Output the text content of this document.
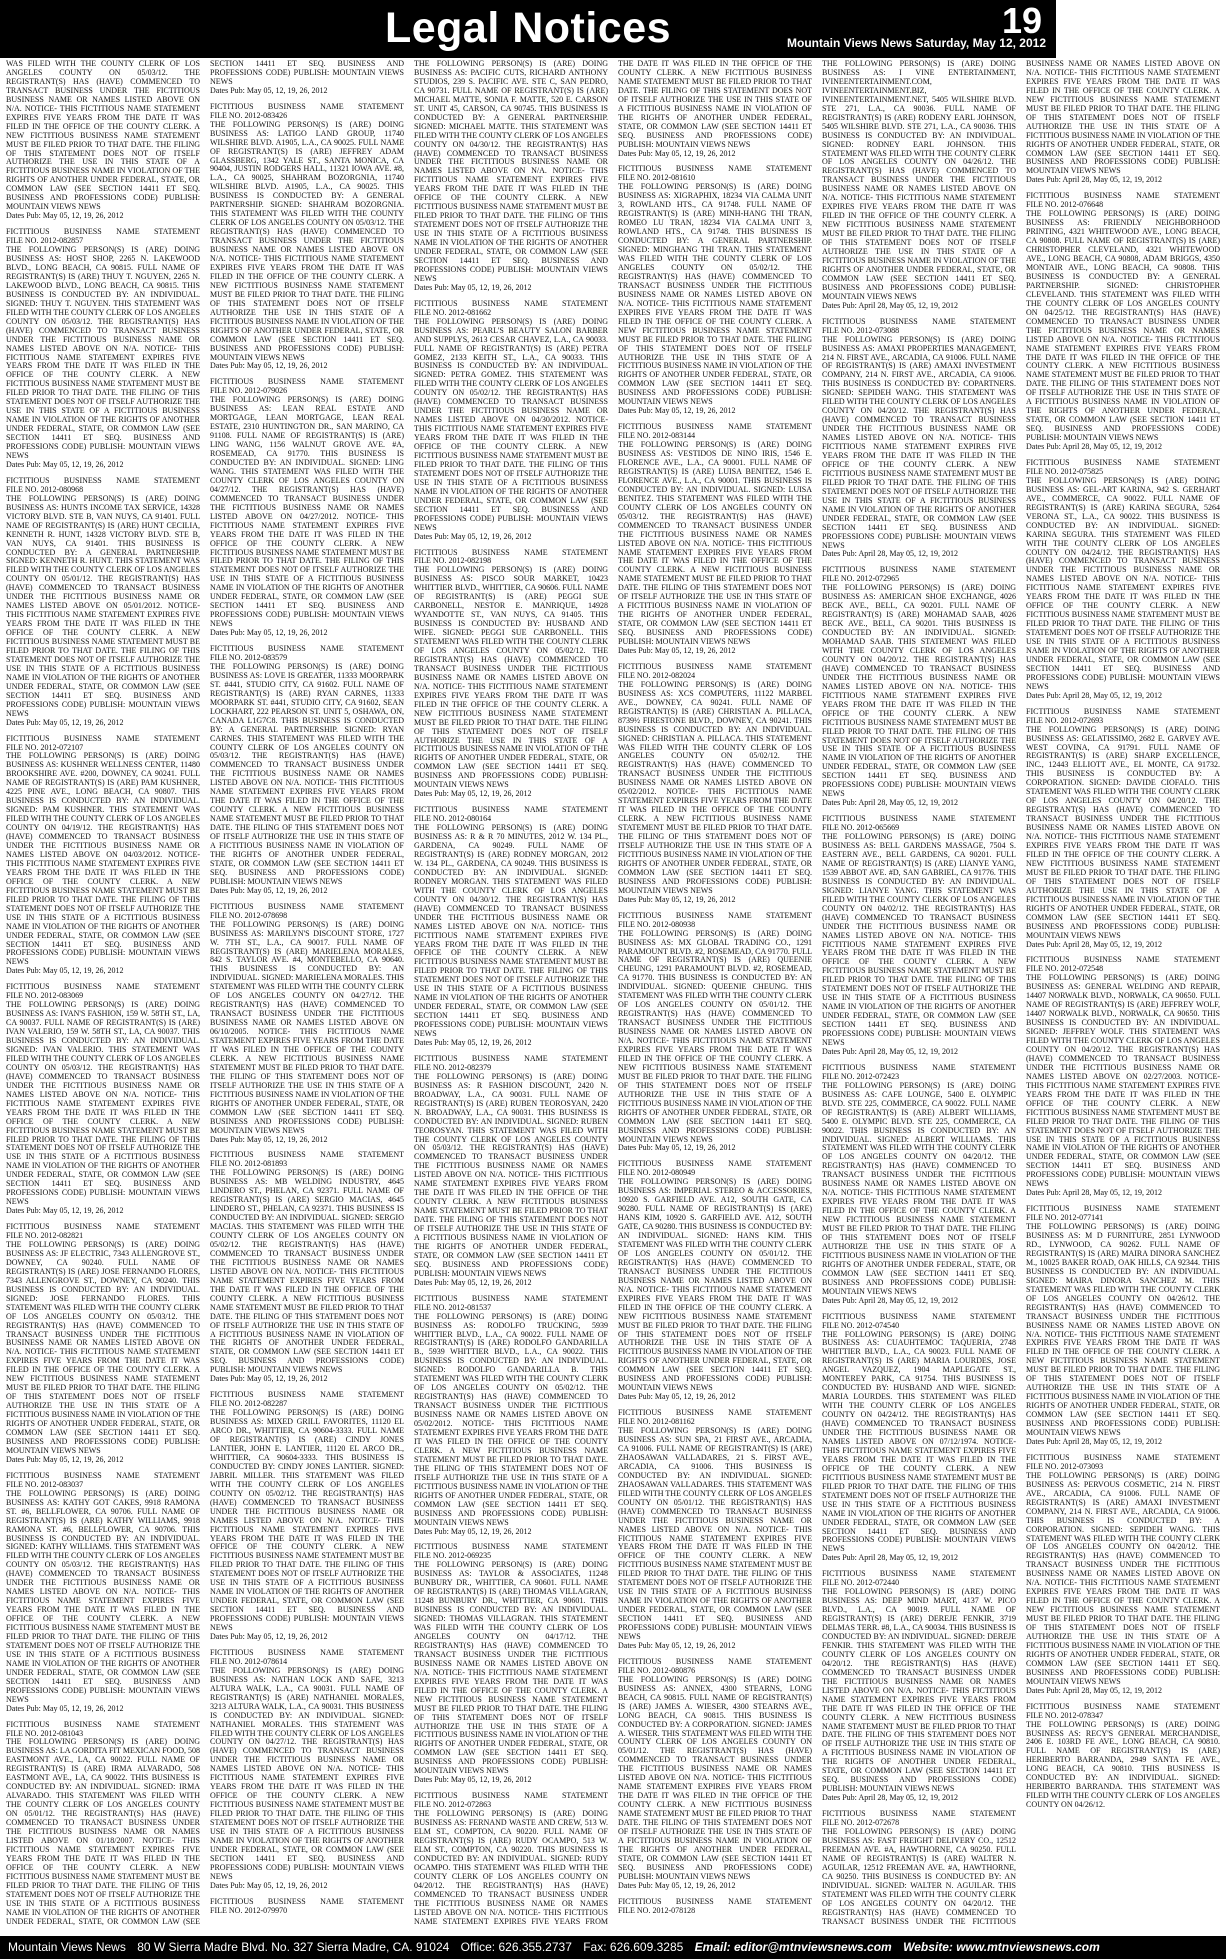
Legal Notices	19
Mountain Views News Saturday, May 12, 2012
WAS FILED WITH THE COUNTY CLERK OF LOS ANGELES COUNTY ON 05/03/12. THE REGISTRANT(S) HAS (HAVE) COMMENCED TO TRANSACT BUSINESS UNDER THE FICTITIOUS BUSINESS NAME OR NAMES LISTED ABOVE ON N/A. NOTICE- THIS FICTITIOUS NAME STATEMENT EXPIRES FIVE YEARS FROM THE DATE IT WAS FILED IN THE OFFICE OF THE COUNTY CLERK. A NEW FICTITIOUS BUSINESS NAME STATEMENT MUST BE FILED PRIOR TO THAT DATE. THE FILING OF THIS STATEMENT DOES NOT OF ITSELF AUTHORIZE THE USE IN THIS STATE OF A FICTITIOUS BUSINESS NAME IN VIOLATION OF THE RIGHTS OF ANOTHER UNDER FEDERAL, STATE, OR COMMON LAW (SEE SECTION 14411 ET SEQ. BUSINESS AND PROFESSIONS CODE) PUBLISH: MOUNTAIN VIEWS NEWS
Dates Pub: May 05, 12, 19, 26, 2012
FICTITIOUS BUSINESS NAME STATEMENT
FILE NO. 2012-082857
THE FOLLOWING PERSON(S) IS (ARE) DOING BUSINESS AS: HOST SHOP, 2265 N. LAKEWOOD BLVD., LONG BEACH, CA 90815. FULL NAME OF REGISTRANT(S) IS (ARE) THUY T. NGUYEN, 2265 N. LAKEWOOD BLVD., LONG BEACH, CA 90815. THIS BUSINESS IS CONDUCTED BY: AN INDIVIDUAL. SIGNED: THUY T. NGUYEN. THIS STATEMENT WAS FILED WITH THE COUNTY CLERK OF LOS ANGELES COUNTY ON 05/03/12. THE REGISTRANT(S) HAS (HAVE) COMMENCED TO TRANSACT BUSINESS UNDER THE FICTITIOUS BUSINESS NAME OR NAMES LISTED ABOVE ON N/A. NOTICE- THIS FICTITIOUS NAME STATEMENT EXPIRES FIVE YEARS FROM THE DATE IT WAS FILED IN THE OFFICE OF THE COUNTY CLERK. A NEW FICTITIOUS BUSINESS NAME STATEMENT MUST BE FILED PRIOR TO THAT DATE. THE FILING OF THIS STATEMENT DOES NOT OF ITSELF AUTHORIZE THE USE IN THIS STATE OF A FICTITIOUS BUSINESS NAME IN VIOLATION OF THE RIGHTS OF ANOTHER UNDER FEDERAL, STATE, OR COMMON LAW (SEE SECTION 14411 ET SEQ. BUSINESS AND PROFESSIONS CODE) PUBLISH: MOUNTAIN VIEWS NEWS
Dates Pub: May 05, 12, 19, 26, 2012
FICTITIOUS BUSINESS NAME STATEMENT
FILE NO. 2012-080968
THE FOLLOWING PERSON(S) IS (ARE) DOING BUSINESS AS: HUNTS INCOME TAX SERVICE, 14328 VICTORY BLVD. STE B, VAN NUYS, CA 91401. FULL NAME OF REGISTRANT(S) IS (ARE) HUNT CECILIA, KENNETH R. HUNT, 14328 VICTORY BLVD. STE B, VAN NUYS, CA 91401. THIS BUSINESS IS CONDUCTED BY: A GENERAL PARTNERSHIP. SIGNED: KENNETH R. HUNT. THIS STATEMENT WAS FILED WITH THE COUNTY CLERK OF LOS ANGELES COUNTY ON 05/01/12. THE REGISTRANT(S) HAS (HAVE) COMMENCED TO TRANSACT BUSINESS UNDER THE FICTITIOUS BUSINESS NAME OR NAMES LISTED ABOVE ON 05/01/2012. NOTICE- THIS FICTITIOUS NAME STATEMENT EXPIRES FIVE YEARS FROM THE DATE IT WAS FILED IN THE OFFICE OF THE COUNTY CLERK. A NEW FICTITIOUS BUSINESS NAME STATEMENT MUST BE FILED PRIOR TO THAT DATE. THE FILING OF THIS STATEMENT DOES NOT OF ITSELF AUTHORIZE THE USE IN THIS STATE OF A FICTITIOUS BUSINESS NAME IN VIOLATION OF THE RIGHTS OF ANOTHER UNDER FEDERAL, STATE, OR COMMON LAW (SEE SECTION 14411 ET SEQ. BUSINESS AND PROFESSIONS CODE) PUBLISH: MOUNTAIN VIEWS NEWS
Dates Pub: May 05, 12, 19, 26, 2012
FICTITIOUS BUSINESS NAME STATEMENT
FILE NO. 2012-072107
THE FOLLOWING PERSON(S) IS (ARE) DOING BUSINESS AS: KUSHNER WELLNESS CENTER, 11480 BROOKSHIRE AVE. #200, DOWNEY, CA 90241. FULL NAME OF REGISTRANT(S) IS (ARE) PAM KUSHNER, 4225 PINE AVE., LONG BEACH, CA 90807. THIS BUSINESS IS CONDUCTED BY: AN INDIVIDUAL. SIGNED: PAM KUSHNER. THIS STATEMENT WAS FILED WITH THE COUNTY CLERK OF LOS ANGELES COUNTY ON 04/19/12. THE REGISTRANT(S) HAS (HAVE) COMMENCED TO TRANSACT BUSINESS UNDER THE FICTITIOUS BUSINESS NAME OR NAMES LISTED ABOVE ON 04/03/2012. NOTICE- THIS FICTITIOUS NAME STATEMENT EXPIRES FIVE YEARS FROM THE DATE IT WAS FILED IN THE OFFICE OF THE COUNTY CLERK. A NEW FICTITIOUS BUSINESS NAME STATEMENT MUST BE FILED PRIOR TO THAT DATE. THE FILING OF THIS STATEMENT DOES NOT OF ITSELF AUTHORIZE THE USE IN THIS STATE OF A FICTITIOUS BUSINESS NAME IN VIOLATION OF THE RIGHTS OF ANOTHER UNDER FEDERAL, STATE, OR COMMON LAW (SEE SECTION 14411 ET SEQ. BUSINESS AND PROFESSIONS CODE) PUBLISH: MOUNTAIN VIEWS NEWS
Dates Pub: May 05, 12, 19, 26, 2012
FICTITIOUS BUSINESS NAME STATEMENT
FILE NO. 2012-083069
THE FOLLOWING PERSON(S) IS (ARE) DOING BUSINESS AS: IVAN'S FASHION, 159 W. 58TH ST., LA, CA 90037. FULL NAME OF REGISTRANT(S) IS (ARE) IVAN VALERIO, 159 W. 58TH ST., LA, CA 90037. THIS BUSINESS IS CONDUCTED BY: AN INDIVIDUAL. SIGNED: IVAN VALERIO. THIS STATEMENT WAS FILED WITH THE COUNTY CLERK OF LOS ANGELES COUNTY ON 05/03/12. THE REGISTRANT(S) HAS (HAVE) COMMENCED TO TRANSACT BUSINESS UNDER THE FICTITIOUS BUSINESS NAME OR NAMES LISTED ABOVE ON N/A. NOTICE- THIS FICTITIOUS NAME STATEMENT EXPIRES FIVE YEARS FROM THE DATE IT WAS FILED IN THE OFFICE OF THE COUNTY CLERK. A NEW FICTITIOUS BUSINESS NAME STATEMENT MUST BE FILED PRIOR TO THAT DATE. THE FILING OF THIS STATEMENT DOES NOT OF ITSELF AUTHORIZE THE USE IN THIS STATE OF A FICTITIOUS BUSINESS NAME IN VIOLATION OF THE RIGHTS OF ANOTHER UNDER FEDERAL, STATE, OR COMMON LAW (SEE SECTION 14411 ET SEQ. BUSINESS AND PROFESSIONS CODE) PUBLISH: MOUNTAIN VIEWS NEWS
Dates Pub: May 05, 12, 19, 26, 2012
FICTITIOUS BUSINESS NAME STATEMENT
FILE NO. 2012-082821
THE FOLLOWING PERSON(S) IS (ARE) DOING BUSINESS AS: JF ELECTRIC, 7343 ALLENGROVE ST., DOWNEY, CA 90240. FULL NAME OF REGISTRANT(S) IS (ARE) JOSE FERNANDO FLORES, 7343 ALLENGROVE ST., DOWNEY, CA 90240. THIS BUSINESS IS CONDUCTED BY: AN INDIVIDUAL. SIGNED: JOSE FERNANDO FLORES. THIS STATEMENT WAS FILED WITH THE COUNTY CLERK OF LOS ANGELES COUNTY ON 05/03/12. THE REGISTRANT(S) HAS (HAVE) COMMENCED TO TRANSACT BUSINESS UNDER THE FICTITIOUS BUSINESS NAME OR NAMES LISTED ABOVE ON N/A. NOTICE- THIS FICTITIOUS NAME STATEMENT EXPIRES FIVE YEARS FROM THE DATE IT WAS FILED IN THE OFFICE OF THE COUNTY CLERK. A NEW FICTITIOUS BUSINESS NAME STATEMENT MUST BE FILED PRIOR TO THAT DATE. THE FILING OF THIS STATEMENT DOES NOT OF ITSELF AUTHORIZE THE USE IN THIS STATE OF A FICTITIOUS BUSINESS NAME IN VIOLATION OF THE RIGHTS OF ANOTHER UNDER FEDERAL, STATE, OR COMMON LAW (SEE SECTION 14411 ET SEQ. BUSINESS AND PROFESSIONS CODE) PUBLISH: MOUNTAIN VIEWS NEWS
Dates Pub: May 05, 12, 19, 26, 2012
FICTITIOUS BUSINESS NAME STATEMENT
FILE NO. 2012-083037
THE FOLLOWING PERSON(S) IS (ARE) DOING BUSINESS AS: KATHY GOT CAKES, 9918 RAMONA ST. #6, BELLFLOWER, CA 90706. FULL NAME OF REGISTRANT(S) IS (ARE) KATHY WILLIAMS, 9918 RAMONA ST. #6, BELLFLOWER, CA 90706. THIS BUSINESS IS CONDUCTED BY: AN INDIVIDUAL. SIGNED: KATHY WILLIAMS. THIS STATEMENT WAS FILED WITH THE COUNTY CLERK OF LOS ANGELES COUNTY ON 05/03/12. THE REGISTRANT(S) HAS (HAVE) COMMENCED TO TRANSACT BUSINESS UNDER THE FICTITIOUS BUSINESS NAME OR NAMES LISTED ABOVE ON N/A. NOTICE- THIS FICTITIOUS NAME STATEMENT EXPIRES FIVE YEARS FROM THE DATE IT WAS FILED IN THE OFFICE OF THE COUNTY CLERK. A NEW FICTITIOUS BUSINESS NAME STATEMENT MUST BE FILED PRIOR TO THAT DATE. THE FILING OF THIS STATEMENT DOES NOT OF ITSELF AUTHORIZE THE USE IN THIS STATE OF A FICTITIOUS BUSINESS NAME IN VIOLATION OF THE RIGHTS OF ANOTHER UNDER FEDERAL, STATE, OR COMMON LAW (SEE SECTION 14411 ET SEQ. BUSINESS AND PROFESSIONS CODE) PUBLISH: MOUNTAIN VIEWS NEWS
Dates Pub: May 05, 12, 19, 26, 2012
FICTITIOUS BUSINESS NAME STATEMENT
FILE NO. 2012-081043
THE FOLLOWING PERSON(S) IS (ARE) DOING BUSINESS AS: LA GORDITA FIT MEXICAN FOOD, 508 EASTMONT AVE., LA, CA 90022. FULL NAME OF REGISTRANT(S) IS (ARE) IRMA ALVARADO, 508 EASTMONT AVE., LA, CA 90022. THIS BUSINESS IS CONDUCTED BY: AN INDIVIDUAL. SIGNED: IRMA ALVARADO. THIS STATEMENT WAS FILED WITH THE COUNTY CLERK OF LOS ANGELES COUNTY ON 05/01/12. THE REGISTRANT(S) HAS (HAVE) COMMENCED TO TRANSACT BUSINESS UNDER THE FICTITIOUS BUSINESS NAME OR NAMES LISTED ABOVE ON 01/18/2007. NOTICE- THIS FICTITIOUS NAME STATEMENT EXPIRES FIVE YEARS FROM THE DATE IT WAS FILED IN THE OFFICE OF THE COUNTY CLERK. A NEW FICTITIOUS BUSINESS NAME STATEMENT MUST BE FILED PRIOR TO THAT DATE. THE FILING OF THIS STATEMENT DOES NOT OF ITSELF AUTHORIZE THE USE IN THIS STATE OF A FICTITIOUS BUSINESS NAME IN VIOLATION OF THE RIGHTS OF ANOTHER UNDER FEDERAL, STATE, OR COMMON LAW (SEE SECTION 14411 ET SEQ. BUSINESS AND PROFESSIONS CODE) PUBLISH: MOUNTAIN VIEWS NEWS
Dates Pub: May 05, 12, 19, 26, 2012
FICTITIOUS BUSINESS NAME STATEMENT
FILE NO. 2012-083426
THE FOLLOWING PERSON(S) IS (ARE) DOING BUSINESS AS: LATIGO LAND GROUP, 11740 WILSHIRE BLVD. A1905, L.A., CA 90025. FULL NAME OF REGISTRANT(S) IS (ARE) JEFFREY ADAM GLASSBERG, 1342 YALE ST., SANTA MONICA, CA 90404, JUSTIN RODGERS HALL, 11321 IOWA AVE. #8, L.A., CA 90025, SHAHRAM BOZORGNIA, 11740 WILSHIRE BLVD. A1905, L.A., CA 90025. THIS BUSINESS IS CONDUCTED BY: A GENERAL PARTNERSHIP. SIGNED: SHAHRAM BOZORGNIA. THIS STATEMENT WAS FILED WITH THE COUNTY CLERK OF LOS ANGELES COUNTY ON 05/03/12. THE REGISTRANT(S) HAS (HAVE) COMMENCED TO TRANSACT BUSINESS UNDER THE FICTITIOUS BUSINESS NAME OR NAMES LISTED ABOVE ON N/A. NOTICE- THIS FICTITIOUS NAME STATEMENT EXPIRES FIVE YEARS FROM THE DATE IT WAS FILED IN THE OFFICE OF THE COUNTY CLERK. A NEW FICTITIOUS BUSINESS NAME STATEMENT MUST BE FILED PRIOR TO THAT DATE. THE FILING OF THIS STATEMENT DOES NOT OF ITSELF AUTHORIZE THE USE IN THIS STATE OF A FICTITIOUS BUSINESS NAME IN VIOLATION OF THE RIGHTS OF ANOTHER UNDER FEDERAL, STATE, OR COMMON LAW (SEE SECTION 14411 ET SEQ. BUSINESS AND PROFESSIONS CODE) PUBLISH: MOUNTAIN VIEWS NEWS
Dates Pub: May 05, 12, 19, 26, 2012
FICTITIOUS BUSINESS NAME STATEMENT
FILE NO. 2012-079026
THE FOLLOWING PERSON(S) IS (ARE) DOING BUSINESS AS: LEAN REAL ESTATE AND MORTGAGE, LEAN MORTGAGE, LEAN REAL ESTATE, 2310 HUNTINGTON DR., SAN MARINO, CA 91108. FULL NAME OF REGISTRANT(S) IS (ARE) LING WANG, 1156 WALNUT GROVE AVE. #A, ROSEMEAD, CA 91770. THIS BUSINESS IS CONDUCTED BY: AN INDIVIDUAL. SIGNED: LING WANG. THIS STATEMENT WAS FILED WITH THE COUNTY CLERK OF LOS ANGELES COUNTY ON 04/27/12. THE REGISTRANT(S) HAS (HAVE) COMMENCED TO TRANSACT BUSINESS UNDER THE FICTITIOUS BUSINESS NAME OR NAMES LISTED ABOVE ON 04/27/2012. NOTICE- THIS FICTITIOUS NAME STATEMENT EXPIRES FIVE YEARS FROM THE DATE IT WAS FILED IN THE OFFICE OF THE COUNTY CLERK. A NEW FICTITIOUS BUSINESS NAME STATEMENT MUST BE FILED PRIOR TO THAT DATE. THE FILING OF THIS STATEMENT DOES NOT OF ITSELF AUTHORIZE THE USE IN THIS STATE OF A FICTITIOUS BUSINESS NAME IN VIOLATION OF THE RIGHTS OF ANOTHER UNDER FEDERAL, STATE, OR COMMON LAW (SEE SECTION 14411 ET SEQ. BUSINESS AND PROFESSIONS CODE) PUBLISH: MOUNTAIN VIEWS NEWS
Dates Pub: May 05, 12, 19, 26, 2012
FICTITIOUS BUSINESS NAME STATEMENT
FILE NO. 2012-083579
THE FOLLOWING PERSON(S) IS (ARE) DOING BUSINESS AS: LOVE IS GREATER, 11333 MOORPARK ST. #441, STUDIO CITY, CA 91602. FULL NAME OF REGISTRANT(S) IS (ARE) RYAN CARNES, 11333 MOORPARK ST. #441, STUDIO CITY, CA 91602, SEAN LOCKHART, 222 PEARSON ST. UNIT 5, OSHAWA, ON, CANADA L1G7C8. THIS BUSINESS IS CONDUCTED BY: A GENERAL PARTNERSHIP. SIGNED: RYAN CARNES. THIS STATEMENT WAS FILED WITH THE COUNTY CLERK OF LOS ANGELES COUNTY ON 05/03/12. THE REGISTRANT(S) HAS (HAVE) COMMENCED TO TRANSACT BUSINESS UNDER THE FICTITIOUS BUSINESS NAME OR NAMES LISTED ABOVE ON N/A. NOTICE- THIS FICTITIOUS NAME STATEMENT EXPIRES FIVE YEARS FROM THE DATE IT WAS FILED IN THE OFFICE OF THE COUNTY CLERK. A NEW FICTITIOUS BUSINESS NAME STATEMENT MUST BE FILED PRIOR TO THAT DATE. THE FILING OF THIS STATEMENT DOES NOT OF ITSELF AUTHORIZE THE USE IN THIS STATE OF A FICTITIOUS BUSINESS NAME IN VIOLATION OF THE RIGHTS OF ANOTHER UNDER FEDERAL, STATE, OR COMMON LAW (SEE SECTION 14411 ET SEQ. BUSINESS AND PROFESSIONS CODE) PUBLISH: MOUNTAIN VIEWS NEWS
Dates Pub: May 05, 12, 19, 26, 2012
FICTITIOUS BUSINESS NAME STATEMENT
FILE NO. 2012-078698
THE FOLLOWING PERSON(S) IS (ARE) DOING BUSINESS AS: MARILYN'S DISCOUNT STORE, 1727 W. 7TH ST., L.A., CA 90017. FULL NAME OF REGISTRANT(S) IS (ARE) MARIELENA MORALES, 842 S. TAYLOR AVE. #4, MONTEBELLO, CA 90640. THIS BUSINESS IS CONDUCTED BY: AN INDIVIDUAL. SIGNED: MARIELENA MORALES. THIS STATEMENT WAS FILED WITH THE COUNTY CLERK OF LOS ANGELES COUNTY ON 04/27/12. THE REGISTRANT(S) HAS (HAVE) COMMENCED TO TRANSACT BUSINESS UNDER THE FICTITIOUS BUSINESS NAME OR NAMES LISTED ABOVE ON 06/10/2005. NOTICE- THIS FICTITIOUS NAME STATEMENT EXPIRES FIVE YEARS FROM THE DATE IT WAS FILED IN THE OFFICE OF THE COUNTY CLERK. A NEW FICTITIOUS BUSINESS NAME STATEMENT MUST BE FILED PRIOR TO THAT DATE. THE FILING OF THIS STATEMENT DOES NOT OF ITSELF AUTHORIZE THE USE IN THIS STATE OF A FICTITIOUS BUSINESS NAME IN VIOLATION OF THE RIGHTS OF ANOTHER UNDER FEDERAL, STATE, OR COMMON LAW (SEE SECTION 14411 ET SEQ. BUSINESS AND PROFESSIONS CODE) PUBLISH: MOUNTAIN VIEWS NEWS
Dates Pub: May 05, 12, 19, 26, 2012
FICTITIOUS BUSINESS NAME STATEMENT
FILE NO. 2012-081893
THE FOLLOWING PERSON(S) IS (ARE) DOING BUSINESS AS: MB WELDING INDUSTRY, 4645 LINDERO ST., PHELAN, CA 92371. FULL NAME OF REGISTRANT(S) IS (ARE) SERGIO MACIAS, 4645 LINDERO ST., PHELAN, CA 92371. THIS BUSINESS IS CONDUCTED BY: AN INDIVIDUAL. SIGNED: SERGIO MACIAS. THIS STATEMENT WAS FILED WITH THE COUNTY CLERK OF LOS ANGELES COUNTY ON 05/02/12. THE REGISTRANT(S) HAS (HAVE) COMMENCED TO TRANSACT BUSINESS UNDER THE FICTITIOUS BUSINESS NAME OR NAMES LISTED ABOVE ON N/A. NOTICE- THIS FICTITIOUS NAME STATEMENT EXPIRES FIVE YEARS FROM THE DATE IT WAS FILED IN THE OFFICE OF THE COUNTY CLERK. A NEW FICTITIOUS BUSINESS NAME STATEMENT MUST BE FILED PRIOR TO THAT DATE. THE FILING OF THIS STATEMENT DOES NOT OF ITSELF AUTHORIZE THE USE IN THIS STATE OF A FICTITIOUS BUSINESS NAME IN VIOLATION OF THE RIGHTS OF ANOTHER UNDER FEDERAL, STATE, OR COMMON LAW (SEE SECTION 14411 ET SEQ. BUSINESS AND PROFESSIONS CODE) PUBLISH: MOUNTAIN VIEWS NEWS
Dates Pub: May 05, 12, 19, 26, 2012
FICTITIOUS BUSINESS NAME STATEMENT
FILE NO. 2012-082287
THE FOLLOWING PERSON(S) IS (ARE) DOING BUSINESS AS: MIXED GRILL FAVORITES, 11120 EL ARCO DR., WHITTIER, CA 90604-3333. FULL NAME OF REGISTRANT(S) IS (ARE) CINDY JONES LANTIER, JOHN E. LANTIER, 11120 EL ARCO DR., WHITTIER, CA 90604-3333. THIS BUSINESS IS CONDUCTED BY: CINDY JONES LANTIER. SIGNED: JABRIL MILLER. THIS STATEMENT WAS FILED WITH THE COUNTY CLERK OF LOS ANGELES COUNTY ON 05/02/12. THE REGISTRANT(S) HAS (HAVE) COMMENCED TO TRANSACT BUSINESS UNDER THE FICTITIOUS BUSINESS NAME OR NAMES LISTED ABOVE ON N/A. NOTICE- THIS FICTITIOUS NAME STATEMENT EXPIRES FIVE YEARS FROM THE DATE IT WAS FILED IN THE OFFICE OF THE COUNTY CLERK. A NEW FICTITIOUS BUSINESS NAME STATEMENT MUST BE FILED PRIOR TO THAT DATE. THE FILING OF THIS STATEMENT DOES NOT OF ITSELF AUTHORIZE THE USE IN THIS STATE OF A FICTITIOUS BUSINESS NAME IN VIOLATION OF THE RIGHTS OF ANOTHER UNDER FEDERAL, STATE, OR COMMON LAW (SEE SECTION 14411 ET SEQ. BUSINESS AND PROFESSIONS CODE) PUBLISH: MOUNTAIN VIEWS NEWS
Dates Pub: May 05, 12, 19, 26, 2012
FICTITIOUS BUSINESS NAME STATEMENT
FILE NO. 2012-078614
THE FOLLOWING PERSON(S) IS (ARE) DOING BUSINESS AS: NATHAN LOCK AND SAFE, 3213 ALTURA WALK, L.A., CA 90031. FULL NAME OF REGISTRANT(S) IS (ARE) NATHANIEL MORALES, 3213 ALTURA WALK, L.A., CA 90031. THIS BUSINESS IS CONDUCTED BY: AN INDIVIDUAL. SIGNED: NATHANIEL MORALES. THIS STATEMENT WAS FILED WITH THE COUNTY CLERK OF LOS ANGELES COUNTY ON 04/27/12. THE REGISTRANT(S) HAS (HAVE) COMMENCED TO TRANSACT BUSINESS UNDER THE FICTITIOUS BUSINESS NAME OR NAMES LISTED ABOVE ON N/A. NOTICE- THIS FICTITIOUS NAME STATEMENT EXPIRES FIVE YEARS FROM THE DATE IT WAS FILED IN THE OFFICE OF THE COUNTY CLERK. A NEW FICTITIOUS BUSINESS NAME STATEMENT MUST BE FILED PRIOR TO THAT DATE. THE FILING OF THIS STATEMENT DOES NOT OF ITSELF AUTHORIZE THE USE IN THIS STATE OF A FICTITIOUS BUSINESS NAME IN VIOLATION OF THE RIGHTS OF ANOTHER UNDER FEDERAL, STATE, OR COMMON LAW (SEE SECTION 14411 ET SEQ. BUSINESS AND PROFESSIONS CODE) PUBLISH: MOUNTAIN VIEWS NEWS
Dates Pub: May 05, 12, 19, 26, 2012
FICTITIOUS BUSINESS NAME STATEMENT
FILE NO. 2012-079970
THE FOLLOWING PERSON(S) IS (ARE) DOING BUSINESS AS: PACIFIC CUTS, RICHARD ANTHONY STUDIOS, 239 S. PACIFIC AVE. STE C, SAN PEDRO, CA 90731. FULL NAME OF REGISTRANT(S) IS (ARE) MICHAEL MATTE, SONIA F. MATTE, 520 E. CARSON ST. UNIT 45, CARSON, CA 90745. THIS BUSINESS IS CONDUCTED BY: A GENERAL PARTNERSHIP. SIGNED: MICHAEL MATTE. THIS STATEMENT WAS FILED WITH THE COUNTY CLERK OF LOS ANGELES COUNTY ON 04/30/12. THE REGISTRANT(S) HAS (HAVE) COMMENCED TO TRANSACT BUSINESS UNDER THE FICTITIOUS BUSINESS NAME OR NAMES LISTED ABOVE ON N/A. NOTICE- THIS FICTITIOUS NAME STATEMENT EXPIRES FIVE YEARS FROM THE DATE IT WAS FILED IN THE OFFICE OF THE COUNTY CLERK. A NEW FICTITIOUS BUSINESS NAME STATEMENT MUST BE FILED PRIOR TO THAT DATE. THE FILING OF THIS STATEMENT DOES NOT OF ITSELF AUTHORIZE THE USE IN THIS STATE OF A FICTITIOUS BUSINESS NAME IN VIOLATION OF THE RIGHTS OF ANOTHER UNDER FEDERAL, STATE, OR COMMON LAW (SEE SECTION 14411 ET SEQ. BUSINESS AND PROFESSIONS CODE) PUBLISH: MOUNTAIN VIEWS NEWS
Dates Pub: May 05, 12, 19, 26, 2012
FICTITIOUS BUSINESS NAME STATEMENT
FILE NO. 2012-081662
THE FOLLOWING PERSON(S) IS (ARE) DOING BUSINESS AS: PEARL'S BEAUTY SALON BARBER AND SUPPLYS, 2613 CESAR CHAVEZ, L.A., CA 90033. FULL NAME OF REGISTRANT(S) IS (ARE) PETRA GOMEZ, 2133 KEITH ST., L.A., CA 90033. THIS BUSINESS IS CONDUCTED BY: AN INDIVIDUAL. SIGNED: PETRA GOMEZ. THIS STATEMENT WAS FILED WITH THE COUNTY CLERK OF LOS ANGELES COUNTY ON 05/02/12. THE REGISTRANT(S) HAS (HAVE) COMMENCED TO TRANSACT BUSINESS UNDER THE FICTITIOUS BUSINESS NAME OR NAMES LISTED ABOVE ON 04/30/2012. NOTICE- THIS FICTITIOUS NAME STATEMENT EXPIRES FIVE YEARS FROM THE DATE IT WAS FILED IN THE OFFICE OF THE COUNTY CLERK. A NEW FICTITIOUS BUSINESS NAME STATEMENT MUST BE FILED PRIOR TO THAT DATE. THE FILING OF THIS STATEMENT DOES NOT OF ITSELF AUTHORIZE THE USE IN THIS STATE OF A FICTITIOUS BUSINESS NAME IN VIOLATION OF THE RIGHTS OF ANOTHER UNDER FEDERAL, STATE, OR COMMON LAW (SEE SECTION 14411 ET SEQ. BUSINESS AND PROFESSIONS CODE) PUBLISH: MOUNTAIN VIEWS NEWS
Dates Pub: May 05, 12, 19, 26, 2012
FICTITIOUS BUSINESS NAME STATEMENT
FILE NO. 2012-082198
THE FOLLOWING PERSON(S) IS (ARE) DOING BUSINESS AS: PISCO SOUR MARKET, 10423 WHITTIER BLVD., WHITTIER, CA 90606. FULL NAME OF REGISTRANT(S) IS (ARE) PEGGI SUE CARBONELL, NESTOR E. MANRIQUE, 14928 WYANDOTTE ST., VAN NUYS, CA 91405. THIS BUSINESS IS CONDUCTED BY: HUSBAND AND WIFE. SIGNED: PEGGI SUE CARBONELL. THIS STATEMENT WAS FILED WITH THE COUNTY CLERK OF LOS ANGELES COUNTY ON 05/02/12. THE REGISTRANT(S) HAS (HAVE) COMMENCED TO TRANSACT BUSINESS UNDER THE FICTITIOUS BUSINESS NAME OR NAMES LISTED ABOVE ON N/A. NOTICE- THIS FICTITIOUS NAME STATEMENT EXPIRES FIVE YEARS FROM THE DATE IT WAS FILED IN THE OFFICE OF THE COUNTY CLERK. A NEW FICTITIOUS BUSINESS NAME STATEMENT MUST BE FILED PRIOR TO THAT DATE. THE FILING OF THIS STATEMENT DOES NOT OF ITSELF AUTHORIZE THE USE IN THIS STATE OF A FICTITIOUS BUSINESS NAME IN VIOLATION OF THE RIGHTS OF ANOTHER UNDER FEDERAL, STATE, OR COMMON LAW (SEE SECTION 14411 ET SEQ. BUSINESS AND PROFESSIONS CODE) PUBLISH: MOUNTAIN VIEWS NEWS
Dates Pub: May 05, 12, 19, 26, 2012
FICTITIOUS BUSINESS NAME STATEMENT
FILE NO. 2012-080164
THE FOLLOWING PERSON(S) IS (ARE) DOING BUSINESS AS: R & R 70 MINUTES, 2012 W. 134 PL., GARDENA, CA 90249. FULL NAME OF REGISTRANT(S) IS (ARE) RODNEY MORGAN, 2012 W. 134 PL., GARDENA, CA 90249. THIS BUSINESS IS CONDUCTED BY: AN INDIVIDUAL. SIGNED: RODNEY MORGAN. THIS STATEMENT WAS FILED WITH THE COUNTY CLERK OF LOS ANGELES COUNTY ON 04/30/12. THE REGISTRANT(S) HAS (HAVE) COMMENCED TO TRANSACT BUSINESS UNDER THE FICTITIOUS BUSINESS NAME OR NAMES LISTED ABOVE ON N/A. NOTICE- THIS FICTITIOUS NAME STATEMENT EXPIRES FIVE YEARS FROM THE DATE IT WAS FILED IN THE OFFICE OF THE COUNTY CLERK. A NEW FICTITIOUS BUSINESS NAME STATEMENT MUST BE FILED PRIOR TO THAT DATE. THE FILING OF THIS STATEMENT DOES NOT OF ITSELF AUTHORIZE THE USE IN THIS STATE OF A FICTITIOUS BUSINESS NAME IN VIOLATION OF THE RIGHTS OF ANOTHER UNDER FEDERAL, STATE, OR COMMON LAW (SEE SECTION 14411 ET SEQ. BUSINESS AND PROFESSIONS CODE) PUBLISH: MOUNTAIN VIEWS NEWS
Dates Pub: May 05, 12, 19, 26, 2012
FICTITIOUS BUSINESS NAME STATEMENT
FILE NO. 2012-082379
THE FOLLOWING PERSON(S) IS (ARE) DOING BUSINESS AS: R FASHION DISCOUNT, 2420 N. BROADWAY, L.A., CA 90031. FULL NAME OF REGISTRANT(S) IS (ARE) RUBEN TEOROSYAN, 2420 N. BROADWAY, L.A., CA 90031. THIS BUSINESS IS CONDUCTED BY: AN INDIVIDUAL. SIGNED: RUBEN TEOROSYAN. THIS STATEMENT WAS FILED WITH THE COUNTY CLERK OF LOS ANGELES COUNTY ON 05/03/12. THE REGISTRANT(S) HAS (HAVE) COMMENCED TO TRANSACT BUSINESS UNDER THE FICTITIOUS BUSINESS NAME OR NAMES LISTED ABOVE ON N/A. NOTICE- THIS FICTITIOUS NAME STATEMENT EXPIRES FIVE YEARS FROM THE DATE IT WAS FILED IN THE OFFICE OF THE COUNTY CLERK. A NEW FICTITIOUS BUSINESS NAME STATEMENT MUST BE FILED PRIOR TO THAT DATE. THE FILING OF THIS STATEMENT DOES NOT OF ITSELF AUTHORIZE THE USE IN THIS STATE OF A FICTITIOUS BUSINESS NAME IN VIOLATION OF THE RIGHTS OF ANOTHER UNDER FEDERAL, STATE, OR COMMON LAW (SEE SECTION 14411 ET SEQ. BUSINESS AND PROFESSIONS CODE) PUBLISH: MOUNTAIN VIEWS NEWS
Dates Pub: May 05, 12, 19, 26, 2012
FICTITIOUS BUSINESS NAME STATEMENT
FILE NO. 2012-081537
THE FOLLOWING PERSON(S) IS (ARE) DOING BUSINESS AS: RODOLFO TRUCKING, 5939 WHITTIER BLVD., L.A., CA 90022. FULL NAME OF REGISTRANT(S) IS (ARE) RODOLFO GANDARILLA B., 5939 WHITTIER BLVD., L.A., CA 90022. THIS BUSINESS IS CONDUCTED BY: AN INDIVIDUAL. SIGNED: RODOLFO GANDARILLA B. THIS STATEMENT WAS FILED WITH THE COUNTY CLERK OF LOS ANGELES COUNTY ON 05/02/12. THE REGISTRANT(S) HAS (HAVE) COMMENCED TO TRANSACT BUSINESS UNDER THE FICTITIOUS BUSINESS NAME OR NAMES LISTED ABOVE ON 05/02/2012. NOTICE- THIS FICTITIOUS NAME STATEMENT EXPIRES FIVE YEARS FROM THE DATE IT WAS FILED IN THE OFFICE OF THE COUNTY CLERK. A NEW FICTITIOUS BUSINESS NAME STATEMENT MUST BE FILED PRIOR TO THAT DATE. THE FILING OF THIS STATEMENT DOES NOT OF ITSELF AUTHORIZE THE USE IN THIS STATE OF A FICTITIOUS BUSINESS NAME IN VIOLATION OF THE RIGHTS OF ANOTHER UNDER FEDERAL, STATE, OR COMMON LAW (SEE SECTION 14411 ET SEQ. BUSINESS AND PROFESSIONS CODE) PUBLISH: MOUNTAIN VIEWS NEWS
Dates Pub: May 05, 12, 19, 26, 2012
FICTITIOUS BUSINESS NAME STATEMENT
FILE NO. 2012-069235
THE FOLLOWING PERSON(S) IS (ARE) DOING BUSINESS AS: TAYLOR & ASSOCIATES, 11248 BUNBURY DR., WHITTIER, CA 90601. FULL NAME OF REGISTRANT(S) IS (ARE) THOMAS VILLAGRAN, 11248 BUNBURY DR., WHITTIER, CA 90601. THIS BUSINESS IS CONDUCTED BY: AN INDIVIDUAL. SIGNED: THOMAS VILLAGRAN. THIS STATEMENT WAS FILED WITH THE COUNTY CLERK OF LOS ANGELES COUNTY ON 04/17/12. THE REGISTRANT(S) HAS (HAVE) COMMENCED TO TRANSACT BUSINESS UNDER THE FICTITIOUS BUSINESS NAME OR NAMES LISTED ABOVE ON N/A. NOTICE- THIS FICTITIOUS NAME STATEMENT EXPIRES FIVE YEARS FROM THE DATE IT WAS FILED IN THE OFFICE OF THE COUNTY CLERK. A NEW FICTITIOUS BUSINESS NAME STATEMENT MUST BE FILED PRIOR TO THAT DATE. THE FILING OF THIS STATEMENT DOES NOT OF ITSELF AUTHORIZE THE USE IN THIS STATE OF A FICTITIOUS BUSINESS NAME IN VIOLATION OF THE RIGHTS OF ANOTHER UNDER FEDERAL, STATE, OR COMMON LAW (SEE SECTION 14411 ET SEQ. BUSINESS AND PROFESSIONS CODE) PUBLISH: MOUNTAIN VIEWS NEWS
Dates Pub: May 05, 12, 19, 26, 2012
FICTITIOUS BUSINESS NAME STATEMENT
FILE NO. 2012-072863
THE FOLLOWING PERSON(S) IS (ARE) DOING BUSINESS AS: FERNAND WASTE AND CREW, 513 W. ELM ST., COMPTON, CA 90220. FULL NAME OF REGISTRANT(S) IS (ARE) RUDY OCAMPO, 513 W. ELM ST., COMPTON, CA 90220. THIS BUSINESS IS CONDUCTED BY: AN INDIVIDUAL. SIGNED: RUDY OCAMPO. THIS STATEMENT WAS FILED WITH THE COUNTY CLERK OF LOS ANGELES COUNTY ON 04/20/12. THE REGISTRANT(S) HAS (HAVE) COMMENCED TO TRANSACT BUSINESS UNDER THE FICTITIOUS BUSINESS NAME OR NAMES LISTED ABOVE ON N/A. NOTICE- THIS FICTITIOUS NAME STATEMENT EXPIRES FIVE YEARS FROM THE DATE IT WAS FILED IN THE OFFICE OF THE COUNTY CLERK. A NEW FICTITIOUS BUSINESS NAME STATEMENT MUST BE FILED PRIOR TO THAT DATE. THE FILING OF THIS STATEMENT DOES NOT OF ITSELF AUTHORIZE THE USE IN THIS STATE OF A FICTITIOUS BUSINESS NAME IN VIOLATION OF THE RIGHTS OF ANOTHER UNDER FEDERAL, STATE, OR COMMON LAW (SEE SECTION 14411 ET SEQ. BUSINESS AND PROFESSIONS CODE) PUBLISH: MOUNTAIN VIEWS NEWS
Dates Pub: May 05, 12, 19, 26, 2012
FICTITIOUS BUSINESS NAME STATEMENT
FILE NO. 2012-081610
THE FOLLOWING PERSON(S) IS (ARE) DOING BUSINESS AS: XIGRAPHIX, 18234 VIA CALMA UNIT 3, ROWLAND HTS., CA 91748. FULL NAME OF REGISTRANT(S) IS (ARE) MINH-HANG THI TRAN, ROMEO LU TRAN, 18234 VIA CALMA UNIT 3, ROWLAND HTS., CA 91748. THIS BUSINESS IS CONDUCTED BY: A GENERAL PARTNERSHIP. SIGNED: MINGHANG THI TRAN. THIS STATEMENT WAS FILED WITH THE COUNTY CLERK OF LOS ANGELES COUNTY ON 05/02/12. THE REGISTRANT(S) HAS (HAVE) COMMENCED TO TRANSACT BUSINESS UNDER THE FICTITIOUS BUSINESS NAME OR NAMES LISTED ABOVE ON N/A. NOTICE- THIS FICTITIOUS NAME STATEMENT EXPIRES FIVE YEARS FROM THE DATE IT WAS FILED IN THE OFFICE OF THE COUNTY CLERK. A NEW FICTITIOUS BUSINESS NAME STATEMENT MUST BE FILED PRIOR TO THAT DATE. THE FILING OF THIS STATEMENT DOES NOT OF ITSELF AUTHORIZE THE USE IN THIS STATE OF A FICTITIOUS BUSINESS NAME IN VIOLATION OF THE RIGHTS OF ANOTHER UNDER FEDERAL, STATE, OR COMMON LAW (SEE SECTION 14411 ET SEQ. BUSINESS AND PROFESSIONS CODE) PUBLISH: MOUNTAIN VIEWS NEWS
Dates Pub: May 05, 12, 19, 26, 2012
FICTITIOUS BUSINESS NAME STATEMENT
FILE NO. 2012-083144
THE FOLLOWING PERSON(S) IS (ARE) DOING BUSINESS AS: VESTIDOS DE NINO IRIS, 1546 E. FLORENCE AVE., L.A., CA 90001. FULL NAME OF REGISTRANT(S) IS (ARE) LUISA BENITEZ, 1546 E. FLORENCE AVE., L.A., CA 90001. THIS BUSINESS IS CONDUCTED BY: AN INDIVIDUAL. SIGNED: LUISA BENITEZ. THIS STATEMENT WAS FILED WITH THE COUNTY CLERK OF LOS ANGELES COUNTY ON 05/03/12. THE REGISTRANT(S) HAS (HAVE) COMMENCED TO TRANSACT BUSINESS UNDER THE FICTITIOUS BUSINESS NAME OR NAMES LISTED ABOVE ON N/A. NOTICE- THIS FICTITIOUS NAME STATEMENT EXPIRES FIVE YEARS FROM THE DATE IT WAS FILED IN THE OFFICE OF THE COUNTY CLERK. A NEW FICTITIOUS BUSINESS NAME STATEMENT MUST BE FILED PRIOR TO THAT DATE. THE FILING OF THIS STATEMENT DOES NOT OF ITSELF AUTHORIZE THE USE IN THIS STATE OF A FICTITIOUS BUSINESS NAME IN VIOLATION OF THE RIGHTS OF ANOTHER UNDER FEDERAL, STATE, OR COMMON LAW (SEE SECTION 14411 ET SEQ. BUSINESS AND PROFESSIONS CODE) PUBLISH: MOUNTAIN VIEWS NEWS
Dates Pub: May 05, 12, 19, 26, 2012
FICTITIOUS BUSINESS NAME STATEMENT
FILE NO. 2012-082024
THE FOLLOWING PERSON(S) IS (ARE) DOING BUSINESS AS: XCS COMPUTERS, 11122 MARBEL AVE., DOWNEY, CA 90241. FULL NAME OF REGISTRANT(S) IS (ARE) CHRISTIAN A. PILLACA, 8739½ FIRESTONE BLVD., DOWNEY, CA 90241. THIS BUSINESS IS CONDUCTED BY: AN INDIVIDUAL. SIGNED: CHRISTIAN A. PILLACA. THIS STATEMENT WAS FILED WITH THE COUNTY CLERK OF LOS ANGELES COUNTY ON 05/02/12. THE REGISTRANT(S) HAS (HAVE) COMMENCED TO TRANSACT BUSINESS UNDER THE FICTITIOUS BUSINESS NAME OR NAMES LISTED ABOVE ON 05/02/2012. NOTICE- THIS FICTITIOUS NAME STATEMENT EXPIRES FIVE YEARS FROM THE DATE IT WAS FILED IN THE OFFICE OF THE COUNTY CLERK. A NEW FICTITIOUS BUSINESS NAME STATEMENT MUST BE FILED PRIOR TO THAT DATE. THE FILING OF THIS STATEMENT DOES NOT OF ITSELF AUTHORIZE THE USE IN THIS STATE OF A FICTITIOUS BUSINESS NAME IN VIOLATION OF THE RIGHTS OF ANOTHER UNDER FEDERAL, STATE, OR COMMON LAW (SEE SECTION 14411 ET SEQ. BUSINESS AND PROFESSIONS CODE) PUBLISH: MOUNTAIN VIEWS NEWS
Dates Pub: May 05, 12, 19, 26, 2012
FICTITIOUS BUSINESS NAME STATEMENT
FILE NO. 2012-080938
THE FOLLOWING PERSON(S) IS (ARE) DOING BUSINESS AS: MX GLOBAL TRADING CO., 1291 PARAMOUNT BLVD. #2, ROSEMEAD, CA 91770. FULL NAME OF REGISTRANT(S) IS (ARE) QUEENIE CHEUNG, 1291 PARAMOUNT BLVD. #2, ROSEMEAD, CA 91770. THIS BUSINESS IS CONDUCTED BY: AN INDIVIDUAL. SIGNED: QUEENIE CHEUNG. THIS STATEMENT WAS FILED WITH THE COUNTY CLERK OF LOS ANGELES COUNTY ON 05/01/12. THE REGISTRANT(S) HAS (HAVE) COMMENCED TO TRANSACT BUSINESS UNDER THE FICTITIOUS BUSINESS NAME OR NAMES LISTED ABOVE ON N/A. NOTICE- THIS FICTITIOUS NAME STATEMENT EXPIRES FIVE YEARS FROM THE DATE IT WAS FILED IN THE OFFICE OF THE COUNTY CLERK. A NEW FICTITIOUS BUSINESS NAME STATEMENT MUST BE FILED PRIOR TO THAT DATE. THE FILING OF THIS STATEMENT DOES NOT OF ITSELF AUTHORIZE THE USE IN THIS STATE OF A FICTITIOUS BUSINESS NAME IN VIOLATION OF THE RIGHTS OF ANOTHER UNDER FEDERAL, STATE, OR COMMON LAW (SEE SECTION 14411 ET SEQ. BUSINESS AND PROFESSIONS CODE) PUBLISH: MOUNTAIN VIEWS NEWS
Dates Pub: May 05, 12, 19, 26, 2012
FICTITIOUS BUSINESS NAME STATEMENT
FILE NO. 2012-080949
THE FOLLOWING PERSON(S) IS (ARE) DOING BUSINESS AS: IMPERIAL STEREO & ACCESSORIES, 10920 S. GARFIELD AVE. A12, SOUTH GATE, CA 90280. FULL NAME OF REGISTRANT(S) IS (ARE) HANS KIM, 10920 S. GARFIELD AVE. A12, SOUTH GATE, CA 90280. THIS BUSINESS IS CONDUCTED BY: AN INDIVIDUAL. SIGNED: HANS KIM. THIS STATEMENT WAS FILED WITH THE COUNTY CLERK OF LOS ANGELES COUNTY ON 05/01/12. THE REGISTRANT(S) HAS (HAVE) COMMENCED TO TRANSACT BUSINESS UNDER THE FICTITIOUS BUSINESS NAME OR NAMES LISTED ABOVE ON N/A. NOTICE- THIS FICTITIOUS NAME STATEMENT EXPIRES FIVE YEARS FROM THE DATE IT WAS FILED IN THE OFFICE OF THE COUNTY CLERK. A NEW FICTITIOUS BUSINESS NAME STATEMENT MUST BE FILED PRIOR TO THAT DATE. THE FILING OF THIS STATEMENT DOES NOT OF ITSELF AUTHORIZE THE USE IN THIS STATE OF A FICTITIOUS BUSINESS NAME IN VIOLATION OF THE RIGHTS OF ANOTHER UNDER FEDERAL, STATE, OR COMMON LAW (SEE SECTION 14411 ET SEQ. BUSINESS AND PROFESSIONS CODE) PUBLISH: MOUNTAIN VIEWS NEWS
Dates Pub: May 05, 12, 19, 26, 2012
FICTITIOUS BUSINESS NAME STATEMENT
FILE NO. 2012-081162
THE FOLLOWING PERSON(S) IS (ARE) DOING BUSINESS AS: SUN SPA, 21 FIRST AVE., ARCADIA, CA 91006. FULL NAME OF REGISTRANT(S) IS (ARE) ZHAOSAWAN VALLADARES, 21 S. FIRST AVE., ARCADIA, CA 91006. THIS BUSINESS IS CONDUCTED BY: AN INDIVIDUAL. SIGNED: ZHAOSAWAN VALLADARES. THIS STATEMENT WAS FILED WITH THE COUNTY CLERK OF LOS ANGELES COUNTY ON 05/01/12. THE REGISTRANT(S) HAS (HAVE) COMMENCED TO TRANSACT BUSINESS UNDER THE FICTITIOUS BUSINESS NAME OR NAMES LISTED ABOVE ON N/A. NOTICE- THIS FICTITIOUS NAME STATEMENT EXPIRES FIVE YEARS FROM THE DATE IT WAS FILED IN THE OFFICE OF THE COUNTY CLERK. A NEW FICTITIOUS BUSINESS NAME STATEMENT MUST BE FILED PRIOR TO THAT DATE. THE FILING OF THIS STATEMENT DOES NOT OF ITSELF AUTHORIZE THE USE IN THIS STATE OF A FICTITIOUS BUSINESS NAME IN VIOLATION OF THE RIGHTS OF ANOTHER UNDER FEDERAL, STATE, OR COMMON LAW (SEE SECTION 14411 ET SEQ. BUSINESS AND PROFESSIONS CODE) PUBLISH: MOUNTAIN VIEWS NEWS
Dates Pub: May 05, 12, 19, 26, 2012
FICTITIOUS BUSINESS NAME STATEMENT
FILE NO. 2012-080876
THE FOLLOWING PERSON(S) IS (ARE) DOING BUSINESS AS: ANNEX, 4300 STEARNS, LONG BEACH, CA 90815. FULL NAME OF REGISTRANT(S) IS (ARE) JAMES A. WIESER, 4300 STEARNS AVE., LONG BEACH, CA 90815. THIS BUSINESS IS CONDUCTED BY: A CORPORATION. SIGNED: JAMES A. WIESER. THIS STATEMENT WAS FILED WITH THE COUNTY CLERK OF LOS ANGELES COUNTY ON 05/01/12. THE REGISTRANT(S) HAS (HAVE) COMMENCED TO TRANSACT BUSINESS UNDER THE FICTITIOUS BUSINESS NAME OR NAMES LISTED ABOVE ON N/A. NOTICE- THIS FICTITIOUS NAME STATEMENT EXPIRES FIVE YEARS FROM THE DATE IT WAS FILED IN THE OFFICE OF THE COUNTY CLERK. A NEW FICTITIOUS BUSINESS NAME STATEMENT MUST BE FILED PRIOR TO THAT DATE. THE FILING OF THIS STATEMENT DOES NOT OF ITSELF AUTHORIZE THE USE IN THIS STATE OF A FICTITIOUS BUSINESS NAME IN VIOLATION OF THE RIGHTS OF ANOTHER UNDER FEDERAL, STATE, OR COMMON LAW (SEE SECTION 14411 ET SEQ. BUSINESS AND PROFESSIONS CODE) PUBLISH: MOUNTAIN VIEWS NEWS
Dates Pub: May 05, 12, 19, 26, 2012
FICTITIOUS BUSINESS NAME STATEMENT
FILE NO. 2012-078128
THE FOLLOWING PERSON(S) IS (ARE) DOING BUSINESS AS: I VINE ENTERTAINMENT, IVINEENTERTAINMENT.COM, IVINEENTERTAINMENT.BIZ, IVINEENTERTAINMENT.NET, 5405 WILSHIRE BLVD. STE 271, L.A., CA 90036. FULL NAME OF REGISTRANT(S) IS (ARE) RODENY EARL JOHNSON, 5405 WILSHIRE BLVD. STE 271, L.A., CA 90036. THIS BUSINESS IS CONDUCTED BY: AN INDIVIDUAL. SIGNED: RODNEY EARL JOHNSON. THIS STATEMENT WAS FILED WITH THE COUNTY CLERK OF LOS ANGELES COUNTY ON 04/26/12. THE REGISTRANT(S) HAS (HAVE) COMMENCED TO TRANSACT BUSINESS UNDER THE FICTITIOUS BUSINESS NAME OR NAMES LISTED ABOVE ON N/A. NOTICE- THIS FICTITIOUS NAME STATEMENT EXPIRES FIVE YEARS FROM THE DATE IT WAS FILED IN THE OFFICE OF THE COUNTY CLERK. A NEW FICTITIOUS BUSINESS NAME STATEMENT MUST BE FILED PRIOR TO THAT DATE. THE FILING OF THIS STATEMENT DOES NOT OF ITSELF AUTHORIZE THE USE IN THIS STATE OF A FICTITIOUS BUSINESS NAME IN VIOLATION OF THE RIGHTS OF ANOTHER UNDER FEDERAL, STATE, OR COMMON LAW (SEE SECTION 14411 ET SEQ. BUSINESS AND PROFESSIONS CODE) PUBLISH: MOUNTAIN VIEWS NEWS
Dates Pub: April 28, May 05, 12, 19, 2012
FICTITIOUS BUSINESS NAME STATEMENT
FILE NO. 2012-073088
THE FOLLOWING PERSON(S) IS (ARE) DOING BUSINESS AS: AMAXI PROPERTIES MANAGEMENT, 214 N. FIRST AVE., ARCADIA, CA 91006. FULL NAME OF REGISTRANT(S) IS (ARE) AMAXI INVESTMENT COMPANY, 214 N. FIRST AVE., ARCADIA, CA 91006. THIS BUSINESS IS CONDUCTED BY: COPARTNERS. SIGNED: SEPIDEH WANG. THIS STATEMENT WAS FILED WITH THE COUNTY CLERK OF LOS ANGELES COUNTY ON 04/20/12. THE REGISTRANT(S) HAS (HAVE) COMMENCED TO TRANSACT BUSINESS UNDER THE FICTITIOUS BUSINESS NAME OR NAMES LISTED ABOVE ON N/A. NOTICE- THIS FICTITIOUS NAME STATEMENT EXPIRES FIVE YEARS FROM THE DATE IT WAS FILED IN THE OFFICE OF THE COUNTY CLERK. A NEW FICTITIOUS BUSINESS NAME STATEMENT MUST BE FILED PRIOR TO THAT DATE. THE FILING OF THIS STATEMENT DOES NOT OF ITSELF AUTHORIZE THE USE IN THIS STATE OF A FICTITIOUS BUSINESS NAME IN VIOLATION OF THE RIGHTS OF ANOTHER UNDER FEDERAL, STATE, OR COMMON LAW (SEE SECTION 14411 ET SEQ. BUSINESS AND PROFESSIONS CODE) PUBLISH: MOUNTAIN VIEWS NEWS
Dates Pub: April 28, May 05, 12, 19, 2012
FICTITIOUS BUSINESS NAME STATEMENT
FILE NO. 2012-072965
THE FOLLOWING PERSON(S) IS (ARE) DOING BUSINESS AS: AMERICAN SHOE EXCHANGE, 4026 BECK AVE., BELL, CA 90201. FULL NAME OF REGISTRANT(S) IS (ARE) MOHAMAD SAAB, 4026 BECK AVE., BELL, CA 90201. THIS BUSINESS IS CONDUCTED BY: AN INDIVIDUAL. SIGNED: MOHAMAD SAAB. THIS STATEMENT WAS FILED WITH THE COUNTY CLERK OF LOS ANGELES COUNTY ON 04/20/12. THE REGISTRANT(S) HAS (HAVE) COMMENCED TO TRANSACT BUSINESS UNDER THE FICTITIOUS BUSINESS NAME OR NAMES LISTED ABOVE ON N/A. NOTICE- THIS FICTITIOUS NAME STATEMENT EXPIRES FIVE YEARS FROM THE DATE IT WAS FILED IN THE OFFICE OF THE COUNTY CLERK. A NEW FICTITIOUS BUSINESS NAME STATEMENT MUST BE FILED PRIOR TO THAT DATE. THE FILING OF THIS STATEMENT DOES NOT OF ITSELF AUTHORIZE THE USE IN THIS STATE OF A FICTITIOUS BUSINESS NAME IN VIOLATION OF THE RIGHTS OF ANOTHER UNDER FEDERAL, STATE, OR COMMON LAW (SEE SECTION 14411 ET SEQ. BUSINESS AND PROFESSIONS CODE) PUBLISH: MOUNTAIN VIEWS NEWS
Dates Pub: April 28, May 05, 12, 19, 2012
FICTITIOUS BUSINESS NAME STATEMENT
FILE NO. 2012-065669
THE FOLLOWING PERSON(S) IS (ARE) DOING BUSINESS AS: BELL GARDENS MASSAGE, 7504 S. EASTERN AVE., BELL GARDENS, CA 90201. FULL NAME OF REGISTRANT(S) IS (ARE) LIANYE YANG, 1539 ABBOT AVE. #D, SAN GABRIEL, CA 91776. THIS BUSINESS IS CONDUCTED BY: AN INDIVIDUAL. SIGNED: LIANYE YANG. THIS STATEMENT WAS FILED WITH THE COUNTY CLERK OF LOS ANGELES COUNTY ON 04/02/12. THE REGISTRANT(S) HAS (HAVE) COMMENCED TO TRANSACT BUSINESS UNDER THE FICTITIOUS BUSINESS NAME OR NAMES LISTED ABOVE ON N/A. NOTICE- THIS FICTITIOUS NAME STATEMENT EXPIRES FIVE YEARS FROM THE DATE IT WAS FILED IN THE OFFICE OF THE COUNTY CLERK. A NEW FICTITIOUS BUSINESS NAME STATEMENT MUST BE FILED PRIOR TO THAT DATE. THE FILING OF THIS STATEMENT DOES NOT OF ITSELF AUTHORIZE THE USE IN THIS STATE OF A FICTITIOUS BUSINESS NAME IN VIOLATION OF THE RIGHTS OF ANOTHER UNDER FEDERAL, STATE, OR COMMON LAW (SEE SECTION 14411 ET SEQ. BUSINESS AND PROFESSIONS CODE) PUBLISH: MOUNTAIN VIEWS NEWS
Dates Pub: April 28, May 05, 12, 19, 2012
FICTITIOUS BUSINESS NAME STATEMENT
FILE NO. 2012-072423
THE FOLLOWING PERSON(S) IS (ARE) DOING BUSINESS AS: CAFE LOUNGE, 5400 E. OLYMPIC BLVD. STE 225, COMMERCE, CA 90022. FULL NAME OF REGISTRANT(S) IS (ARE) ALBERT WILLIAMS, 5400 E. OLYMPIC BLVD. STE 225, COMMERCE, CA 90022. THIS BUSINESS IS CONDUCTED BY: AN INDIVIDUAL. SIGNED: ALBERT WILLIAMS. THIS STATEMENT WAS FILED WITH THE COUNTY CLERK OF LOS ANGELES COUNTY ON 04/20/12. THE REGISTRANT(S) HAS (HAVE) COMMENCED TO TRANSACT BUSINESS UNDER THE FICTITIOUS BUSINESS NAME OR NAMES LISTED ABOVE ON N/A. NOTICE- THIS FICTITIOUS NAME STATEMENT EXPIRES FIVE YEARS FROM THE DATE IT WAS FILED IN THE OFFICE OF THE COUNTY CLERK. A NEW FICTITIOUS BUSINESS NAME STATEMENT MUST BE FILED PRIOR TO THAT DATE. THE FILING OF THIS STATEMENT DOES NOT OF ITSELF AUTHORIZE THE USE IN THIS STATE OF A FICTITIOUS BUSINESS NAME IN VIOLATION OF THE RIGHTS OF ANOTHER UNDER FEDERAL, STATE, OR COMMON LAW (SEE SECTION 14411 ET SEQ. BUSINESS AND PROFESSIONS CODE) PUBLISH: MOUNTAIN VIEWS NEWS
Dates Pub: April 28, May 05, 12, 19, 2012
FICTITIOUS BUSINESS NAME STATEMENT
FILE NO. 2012-074540
THE FOLLOWING PERSON(S) IS (ARE) DOING BUSINESS AS: CUAUHTEMOC TAQUERIA, 2748 WHITTIER BLVD., L.A., CA 90023. FULL NAME OF REGISTRANT(S) IS (ARE) MARIA LOURDES, JOSE ANGEL VAZQUEZ, 1904 MAPLEGATE ST., MONTEREY PARK, CA 91754. THIS BUSINESS IS CONDUCTED BY: HUSBAND AND WIFE. SIGNED: MARIA LOURDES. THIS STATEMENT WAS FILED WITH THE COUNTY CLERK OF LOS ANGELES COUNTY ON 04/24/12. THE REGISTRANT(S) HAS (HAVE) COMMENCED TO TRANSACT BUSINESS UNDER THE FICTITIOUS BUSINESS NAME OR NAMES LISTED ABOVE ON 07/12/1974. NOTICE- THIS FICTITIOUS NAME STATEMENT EXPIRES FIVE YEARS FROM THE DATE IT WAS FILED IN THE OFFICE OF THE COUNTY CLERK. A NEW FICTITIOUS BUSINESS NAME STATEMENT MUST BE FILED PRIOR TO THAT DATE. THE FILING OF THIS STATEMENT DOES NOT OF ITSELF AUTHORIZE THE USE IN THIS STATE OF A FICTITIOUS BUSINESS NAME IN VIOLATION OF THE RIGHTS OF ANOTHER UNDER FEDERAL, STATE, OR COMMON LAW (SEE SECTION 14411 ET SEQ. BUSINESS AND PROFESSIONS CODE) PUBLISH: MOUNTAIN VIEWS NEWS
Dates Pub: April 28, May 05, 12, 19, 2012
FICTITIOUS BUSINESS NAME STATEMENT
FILE NO. 2012-072440
THE FOLLOWING PERSON(S) IS (ARE) DOING BUSINESS AS: DEEP MIND MART, 4137 W. PICO BLVD., L.A., CA 90019. FULL NAME OF REGISTRANT(S) IS (ARE) DEREJE FENKIR, 3719 DELMAS TERR. #8, L.A., CA 90034. THIS BUSINESS IS CONDUCTED BY: AN INDIVIDUAL. SIGNED: DEREJE FENKIR. THIS STATEMENT WAS FILED WITH THE COUNTY CLERK OF LOS ANGELES COUNTY ON 04/20/12. THE REGISTRANT(S) HAS (HAVE) COMMENCED TO TRANSACT BUSINESS UNDER THE FICTITIOUS BUSINESS NAME OR NAMES LISTED ABOVE ON N/A. NOTICE- THIS FICTITIOUS NAME STATEMENT EXPIRES FIVE YEARS FROM THE DATE IT WAS FILED IN THE OFFICE OF THE COUNTY CLERK. A NEW FICTITIOUS BUSINESS NAME STATEMENT MUST BE FILED PRIOR TO THAT DATE. THE FILING OF THIS STATEMENT DOES NOT OF ITSELF AUTHORIZE THE USE IN THIS STATE OF A FICTITIOUS BUSINESS NAME IN VIOLATION OF THE RIGHTS OF ANOTHER UNDER FEDERAL, STATE, OR COMMON LAW (SEE SECTION 14411 ET SEQ. BUSINESS AND PROFESSIONS CODE) PUBLISH: MOUNTAIN VIEWS NEWS
Dates Pub: April 28, May 05, 12, 19, 2012
FICTITIOUS BUSINESS NAME STATEMENT
FILE NO. 2012-072678
THE FOLLOWING PERSON(S) IS (ARE) DOING BUSINESS AS: FAST FREIGHT DELIVERY CO., 12512 FREEMAN AVE. #A, HAWTHORNE, CA 90250. FULL NAME OF REGISTRANT(S) IS (ARE) WALTER N. AGUILAR, 12512 FREEMAN AVE. #A, HAWTHORNE, CA 90250. THIS BUSINESS IS CONDUCTED BY: AN INDIVIDUAL. SIGNED: WALTER N. AGUILAR. THIS STATEMENT WAS FILED WITH THE COUNTY CLERK OF LOS ANGELES COUNTY ON 04/20/12. THE REGISTRANT(S) HAS (HAVE) COMMENCED TO TRANSACT BUSINESS UNDER THE FICTITIOUS BUSINESS NAME OR NAMES LISTED ABOVE ON N/A. NOTICE- THIS FICTITIOUS NAME STATEMENT EXPIRES FIVE YEARS FROM THE DATE IT WAS FILED IN THE OFFICE OF THE COUNTY CLERK. A NEW FICTITIOUS BUSINESS NAME STATEMENT MUST BE FILED PRIOR TO THAT DATE. THE FILING OF THIS STATEMENT DOES NOT OF ITSELF AUTHORIZE THE USE IN THIS STATE OF A FICTITIOUS BUSINESS NAME IN VIOLATION OF THE RIGHTS OF ANOTHER UNDER FEDERAL, STATE, OR COMMON LAW (SEE SECTION 14411 ET SEQ. BUSINESS AND PROFESSIONS CODE) PUBLISH: MOUNTAIN VIEWS NEWS
Dates Pub: April 28, May 05, 12, 19, 2012
FICTITIOUS BUSINESS NAME STATEMENT
FILE NO. 2012-076648
THE FOLLOWING PERSON(S) IS (ARE) DOING BUSINESS AS: FRIENDLY NEIGHBORHOOD PRINTING, 4321 WHITEWOOD AVE., LONG BEACH, CA 90808. FULL NAME OF REGISTRANT(S) IS (ARE) CHRISTOPHER CLEVELAND, 4321 WHITEWOOD AVE., LONG BEACH, CA 90808, ADAM BRIGGS, 4350 MONTAIR AVE., LONG BEACH, CA 90808. THIS BUSINESS IS CONDUCTED BY: A GENERAL PARTNERSHIP. SIGNED: CHRISTOPHER CLEVELAND. THIS STATEMENT WAS FILED WITH THE COUNTY CLERK OF LOS ANGELES COUNTY ON 04/25/12. THE REGISTRANT(S) HAS (HAVE) COMMENCED TO TRANSACT BUSINESS UNDER THE FICTITIOUS BUSINESS NAME OR NAMES LISTED ABOVE ON N/A. NOTICE- THIS FICTITIOUS NAME STATEMENT EXPIRES FIVE YEARS FROM THE DATE IT WAS FILED IN THE OFFICE OF THE COUNTY CLERK. A NEW FICTITIOUS BUSINESS NAME STATEMENT MUST BE FILED PRIOR TO THAT DATE. THE FILING OF THIS STATEMENT DOES NOT OF ITSELF AUTHORIZE THE USE IN THIS STATE OF A FICTITIOUS BUSINESS NAME IN VIOLATION OF THE RIGHTS OF ANOTHER UNDER FEDERAL, STATE, OR COMMON LAW (SEE SECTION 14411 ET SEQ. BUSINESS AND PROFESSIONS CODE) PUBLISH: MOUNTAIN VIEWS NEWS
Dates Pub: April 28, May 05, 12, 19, 2012
FICTITIOUS BUSINESS NAME STATEMENT
FILE NO. 2012-075825
THE FOLLOWING PERSON(S) IS (ARE) DOING BUSINESS AS: GEL-ART KARINA, 942 S. GERHART AVE., COMMERCE, CA 90022. FULL NAME OF REGISTRANT(S) IS (ARE) KARINA SEGURA, 5264 VERONA ST., L.A., CA 90022. THIS BUSINESS IS CONDUCTED BY: AN INDIVIDUAL. SIGNED: KARINA SEGURA. THIS STATEMENT WAS FILED WITH THE COUNTY CLERK OF LOS ANGELES COUNTY ON 04/24/12. THE REGISTRANT(S) HAS (HAVE) COMMENCED TO TRANSACT BUSINESS UNDER THE FICTITIOUS BUSINESS NAME OR NAMES LISTED ABOVE ON N/A. NOTICE- THIS FICTITIOUS NAME STATEMENT EXPIRES FIVE YEARS FROM THE DATE IT WAS FILED IN THE OFFICE OF THE COUNTY CLERK. A NEW FICTITIOUS BUSINESS NAME STATEMENT MUST BE FILED PRIOR TO THAT DATE. THE FILING OF THIS STATEMENT DOES NOT OF ITSELF AUTHORIZE THE USE IN THIS STATE OF A FICTITIOUS BUSINESS NAME IN VIOLATION OF THE RIGHTS OF ANOTHER UNDER FEDERAL, STATE, OR COMMON LAW (SEE SECTION 14411 ET SEQ. BUSINESS AND PROFESSIONS CODE) PUBLISH: MOUNTAIN VIEWS NEWS
Dates Pub: April 28, May 05, 12, 19, 2012
FICTITIOUS BUSINESS NAME STATEMENT
FILE NO. 2012-072693
THE FOLLOWING PERSON(S) IS (ARE) DOING BUSINESS AS: GELATISSIMO, 2682 E. GARVEY AVE. WEST COVINA, CA 91791. FULL NAME OF REGISTRANT(S) IS (ARE) SHARP EXCELLENCE, INC., 12443 ELLIOTT AVE., EL MONTE, CA 91732. THIS BUSINESS IS CONDUCTED BY: A CORPORATION. SIGNED: DAVIDE CIOFALO. THIS STATEMENT WAS FILED WITH THE COUNTY CLERK OF LOS ANGELES COUNTY ON 04/20/12. THE REGISTRANT(S) HAS (HAVE) COMMENCED TO TRANSACT BUSINESS UNDER THE FICTITIOUS BUSINESS NAME OR NAMES LISTED ABOVE ON N/A. NOTICE- THIS FICTITIOUS NAME STATEMENT EXPIRES FIVE YEARS FROM THE DATE IT WAS FILED IN THE OFFICE OF THE COUNTY CLERK. A NEW FICTITIOUS BUSINESS NAME STATEMENT MUST BE FILED PRIOR TO THAT DATE. THE FILING OF THIS STATEMENT DOES NOT OF ITSELF AUTHORIZE THE USE IN THIS STATE OF A FICTITIOUS BUSINESS NAME IN VIOLATION OF THE RIGHTS OF ANOTHER UNDER FEDERAL, STATE, OR COMMON LAW (SEE SECTION 14411 ET SEQ. BUSINESS AND PROFESSIONS CODE) PUBLISH: MOUNTAIN VIEWS NEWS
Dates Pub: April 28, May 05, 12, 19, 2012
FICTITIOUS BUSINESS NAME STATEMENT
FILE NO. 2012-072548
THE FOLLOWING PERSON(S) IS (ARE) DOING BUSINESS AS: GENERAL WELDING AND REPAIR, 14407 NORWALK BLVD., NORWALK, CA 90650. FULL NAME OF REGISTRANT(S) IS (ARE) JEFFREY WOLF, 14407 NORWALK BLVD., NORWALK, CA 90650. THIS BUSINESS IS CONDUCTED BY: AN INDIVIDUAL. SIGNED: JEFFREY WOLF. THIS STATEMENT WAS FILED WITH THE COUNTY CLERK OF LOS ANGELES COUNTY ON 04/20/12. THE REGISTRANT(S) HAS (HAVE) COMMENCED TO TRANSACT BUSINESS UNDER THE FICTITIOUS BUSINESS NAME OR NAMES LISTED ABOVE ON 02/27/2003. NOTICE- THIS FICTITIOUS NAME STATEMENT EXPIRES FIVE YEARS FROM THE DATE IT WAS FILED IN THE OFFICE OF THE COUNTY CLERK. A NEW FICTITIOUS BUSINESS NAME STATEMENT MUST BE FILED PRIOR TO THAT DATE. THE FILING OF THIS STATEMENT DOES NOT OF ITSELF AUTHORIZE THE USE IN THIS STATE OF A FICTITIOUS BUSINESS NAME IN VIOLATION OF THE RIGHTS OF ANOTHER UNDER FEDERAL, STATE, OR COMMON LAW (SEE SECTION 14411 ET SEQ. BUSINESS AND PROFESSIONS CODE) PUBLISH: MOUNTAIN VIEWS NEWS
Dates Pub: April 28, May 05, 12, 19, 2012
FICTITIOUS BUSINESS NAME STATEMENT
FILE NO. 2012-077141
THE FOLLOWING PERSON(S) IS (ARE) DOING BUSINESS AS: M D FURNITURE, 2851 LYNWOOD RD., LYNWOOD, CA 90262. FULL NAME OF REGISTRANT(S) IS (ARE) MAIRA DINORA SANCHEZ M., 10025 BAKER ROAD, OAK HILLS, CA 92344. THIS BUSINESS IS CONDUCTED BY: AN INDIVIDUAL. SIGNED: MAIRA DINORA SANCHEZ M. THIS STATEMENT WAS FILED WITH THE COUNTY CLERK OF LOS ANGELES COUNTY ON 04/26/12. THE REGISTRANT(S) HAS (HAVE) COMMENCED TO TRANSACT BUSINESS UNDER THE FICTITIOUS BUSINESS NAME OR NAMES LISTED ABOVE ON N/A. NOTICE- THIS FICTITIOUS NAME STATEMENT EXPIRES FIVE YEARS FROM THE DATE IT WAS FILED IN THE OFFICE OF THE COUNTY CLERK. A NEW FICTITIOUS BUSINESS NAME STATEMENT MUST BE FILED PRIOR TO THAT DATE. THE FILING OF THIS STATEMENT DOES NOT OF ITSELF AUTHORIZE THE USE IN THIS STATE OF A FICTITIOUS BUSINESS NAME IN VIOLATION OF THE RIGHTS OF ANOTHER UNDER FEDERAL, STATE, OR COMMON LAW (SEE SECTION 14411 ET SEQ. BUSINESS AND PROFESSIONS CODE) PUBLISH: MOUNTAIN VIEWS NEWS
Dates Pub: April 28, May 05, 12, 19, 2012
FICTITIOUS BUSINESS NAME STATEMENT
FILE NO. 2012-073093
THE FOLLOWING PERSON(S) IS (ARE) DOING BUSINESS AS: PERVOUS COSMETIC, 214 N. FIRST AVE., ARCADIA, CA 91006. FULL NAME OF REGISTRANT(S) IS (ARE) AMAXI INVESTMENT COMPANY, 214 N. FIRST AVE., ARCADIA, CA 91006. THIS BUSINESS IS CONDUCTED BY: A CORPORATION. SIGNED: SEPIDEH WANG. THIS STATEMENT WAS FILED WITH THE COUNTY CLERK OF LOS ANGELES COUNTY ON 04/20/12. THE REGISTRANT(S) HAS (HAVE) COMMENCED TO TRANSACT BUSINESS UNDER THE FICTITIOUS BUSINESS NAME OR NAMES LISTED ABOVE ON N/A. NOTICE- THIS FICTITIOUS NAME STATEMENT EXPIRES FIVE YEARS FROM THE DATE IT WAS FILED IN THE OFFICE OF THE COUNTY CLERK. A NEW FICTITIOUS BUSINESS NAME STATEMENT MUST BE FILED PRIOR TO THAT DATE. THE FILING OF THIS STATEMENT DOES NOT OF ITSELF AUTHORIZE THE USE IN THIS STATE OF A FICTITIOUS BUSINESS NAME IN VIOLATION OF THE RIGHTS OF ANOTHER UNDER FEDERAL, STATE, OR COMMON LAW (SEE SECTION 14411 ET SEQ. BUSINESS AND PROFESSIONS CODE) PUBLISH: MOUNTAIN VIEWS NEWS
Dates Pub: April 28, May 05, 12, 19, 2012
FICTITIOUS BUSINESS NAME STATEMENT
FILE NO. 2012-078347
THE FOLLOWING PERSON(S) IS (ARE) DOING BUSINESS AS: RECY'S GENERAL MERCHANDISE, 2406 E. 103RD FE AVE., LONG BEACH, CA 90810. FULL NAME OF REGISTRANT(S) IS (ARE) HERIBERTO BARRANDA, 2949 SANTA FE AVE., LONG BEACH, CA 90810. THIS BUSINESS IS CONDUCTED BY: AN INDIVIDUAL. SIGNED: HERIBERTO BARRANDA. THIS STATEMENT WAS FILED WITH THE COUNTY CLERK OF LOS ANGELES COUNTY ON 04/26/12.
Mountain Views News 80 W Sierra Madre Blvd. No. 327 Sierra Madre, CA. 91024 Office: 626.355.2737 Fax: 626.609.3285 Email: editor@mtnviewsnews.com Website: www.mtnviewsnews.com
